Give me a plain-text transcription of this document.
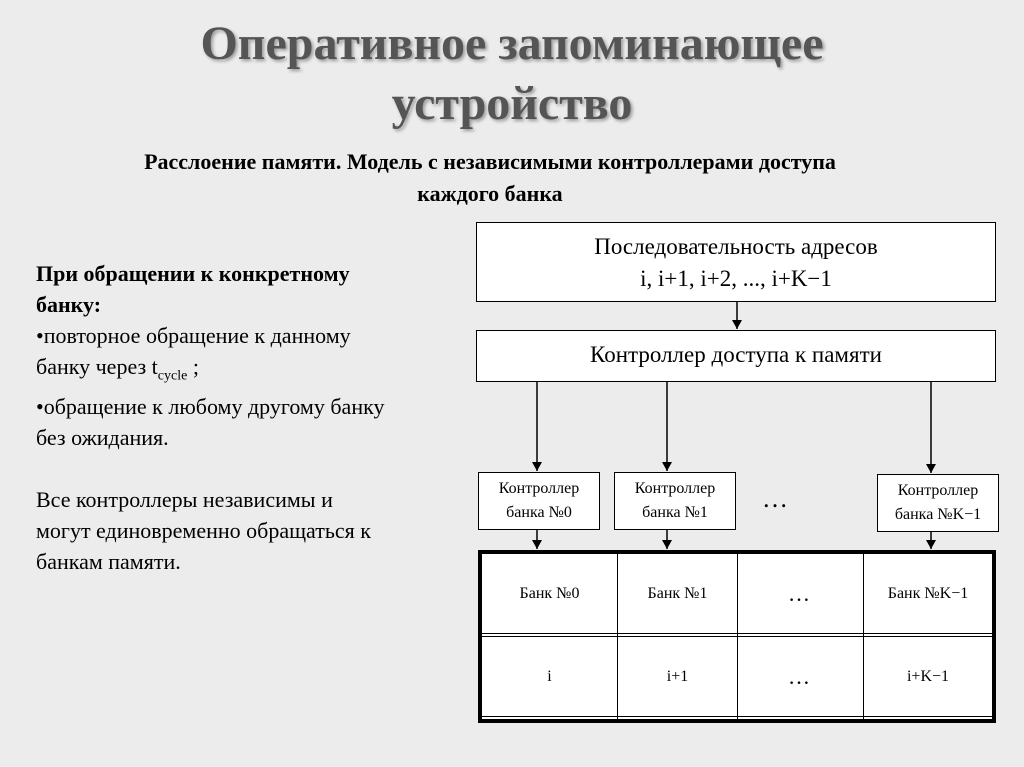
Оперативное запоминающее
устройство
Расслоение памяти. Модель с независимыми контроллерами доступа
каждого банка

При обращении к конкретному

банку:

•повторное обращение к данному

банку через $t_{cycle}$ ;

•обращение к любому другому банку

без ожидания.

Все контроллеры независимы и

могут единовременно обращаться к

банкам памяти.

Последовательность адресов
i, i+1, i+2, ..., i+K−1
Контроллер доступа к памяти
Контроллер
банка №0
Контроллер
банка №1	…	Контроллер
банка №K−1
Банк №0	Банк №1	…	Банк №K−1

i	i+1	…	i+K−1
